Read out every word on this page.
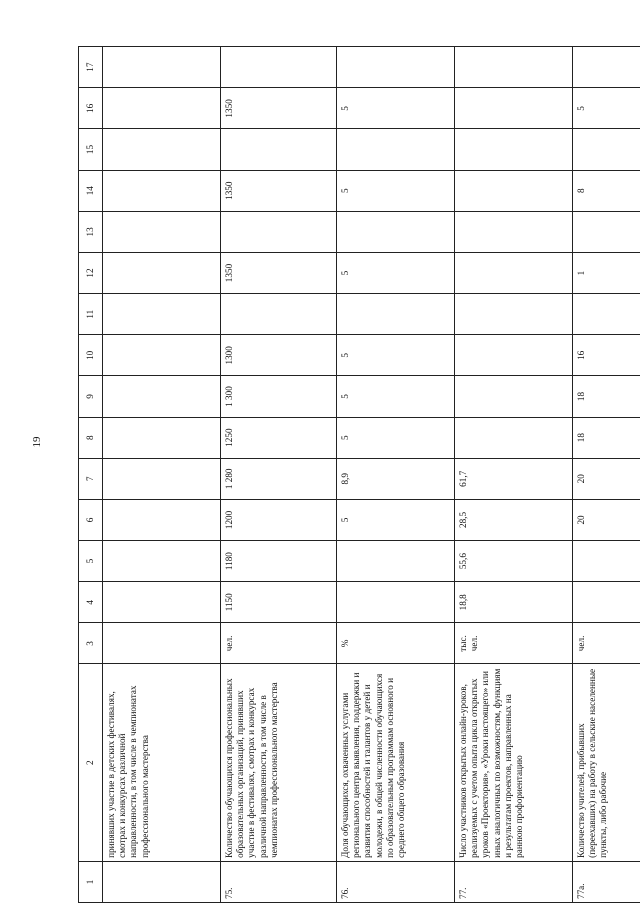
19
1	2	3	4	5	6	7	8	9	10	11	12	13	14	15	16	17
	принявших участие в детских фестивалях, смотрах и конкурсах различной направленности, в том числе в чемпионатах профессионального мастерства															
75.	Количество обучающихся профессиональных образовательных организаций, принявших участие в фестивалях, смотрах и конкурсах различной направленности, в том числе в чемпионатах профессионального мастерства	чел.	1150	1180	1200	1 280	1250	1 300	1300		1350		1350		1350	
76.	Доля обучающихся, охваченных услугами регионального центра выявления, поддержки и развития способностей и талантов у детей и молодежи, в общей численности обучающихся по образовательным программам основного и среднего общего образования	%			5	8,9	5	5	5		5		5		5	
77.	Число участников открытых онлайн-уроков, реализуемых с учетом опыта цикла открытых уроков «Проектория», «Уроки настоящего» или иных аналогичных по возможностям, функциям и результатам проектов, направленных на раннюю профориентацию	тыс. чел.	18,8	55,6	28,5	61,7										
77а.	Количество учителей, прибывших (переехавших) на работу в сельские населенные пункты, либо рабочие	чел.			20	20	18	18	16		1		8		5	
